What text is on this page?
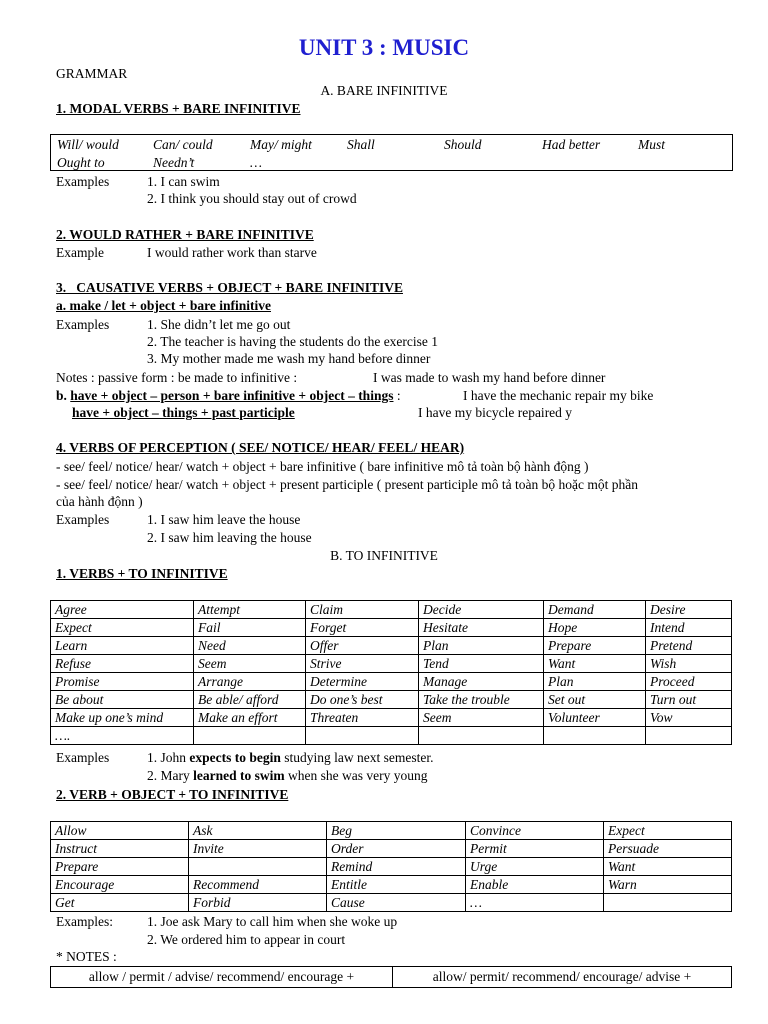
UNIT 3 : MUSIC
GRAMMAR
A. BARE INFINITIVE
1. MODAL VERBS + BARE INFINITIVE
Will/ would	Can/ could	May/ might	Shall	Should	Had better	Must
Ought to	Needn’t	…
Examples	1. I can swim
2. I think you should stay out of crowd
2. WOULD RATHER + BARE INFINITIVE
Example	I would rather work than starve
3.   CAUSATIVE VERBS + OBJECT + BARE INFINITIVE
a. make / let + object + bare infinitive
Examples	1. She didn’t let me go out
2. The teacher is having the students do the exercise 1
3. My mother made me wash my hand before dinner
Notes : passive form : be made to infinitive :	I was made to wash my hand before dinner
b. have + object – person + bare infinitive + object – things :	I have the mechanic repair my bike
have + object – things + past participle	I have my bicycle repaired y
4. VERBS OF PERCEPTION ( SEE/ NOTICE/ HEAR/ FEEL/ HEAR)
- see/ feel/ notice/ hear/ watch + object + bare infinitive ( bare infinitive mô tả toàn bộ hành động )
- see/ feel/ notice/ hear/ watch + object + present participle ( present participle mô tả toàn bộ hoặc một phần
của hành độnn )
Examples	1. I saw him leave the house
2. I saw him leaving the house
B. TO INFINITIVE
1. VERBS + TO INFINITIVE
Agree	Attempt	Claim	Decide	Demand	Desire
Expect	Fail	Forget	Hesitate	Hope	Intend
Learn	Need	Offer	Plan	Prepare	Pretend
Refuse	Seem	Strive	Tend	Want	Wish
Promise	Arrange	Determine	Manage	Plan	Proceed
Be about	Be able/ afford	Do one’s best	Take the trouble	Set out	Turn out
Make up one’s mind	Make an effort	Threaten	Seem	Volunteer	Vow
….					
Examples	1. John expects to begin studying law next semester.
2. Mary learned to swim when she was very young
2. VERB + OBJECT + TO INFINITIVE
Allow	Ask	Beg	Convince	Expect
Instruct	Invite	Order	Permit	Persuade
Prepare		Remind	Urge	Want
Encourage	Recommend	Entitle	Enable	Warn
Get	Forbid	Cause	…	
Examples:	1. Joe ask Mary to call him when she woke up
2. We ordered him to appear in court
* NOTES :
allow / permit / advise/ recommend/ encourage +	allow/ permit/ recommend/ encourage/ advise +
